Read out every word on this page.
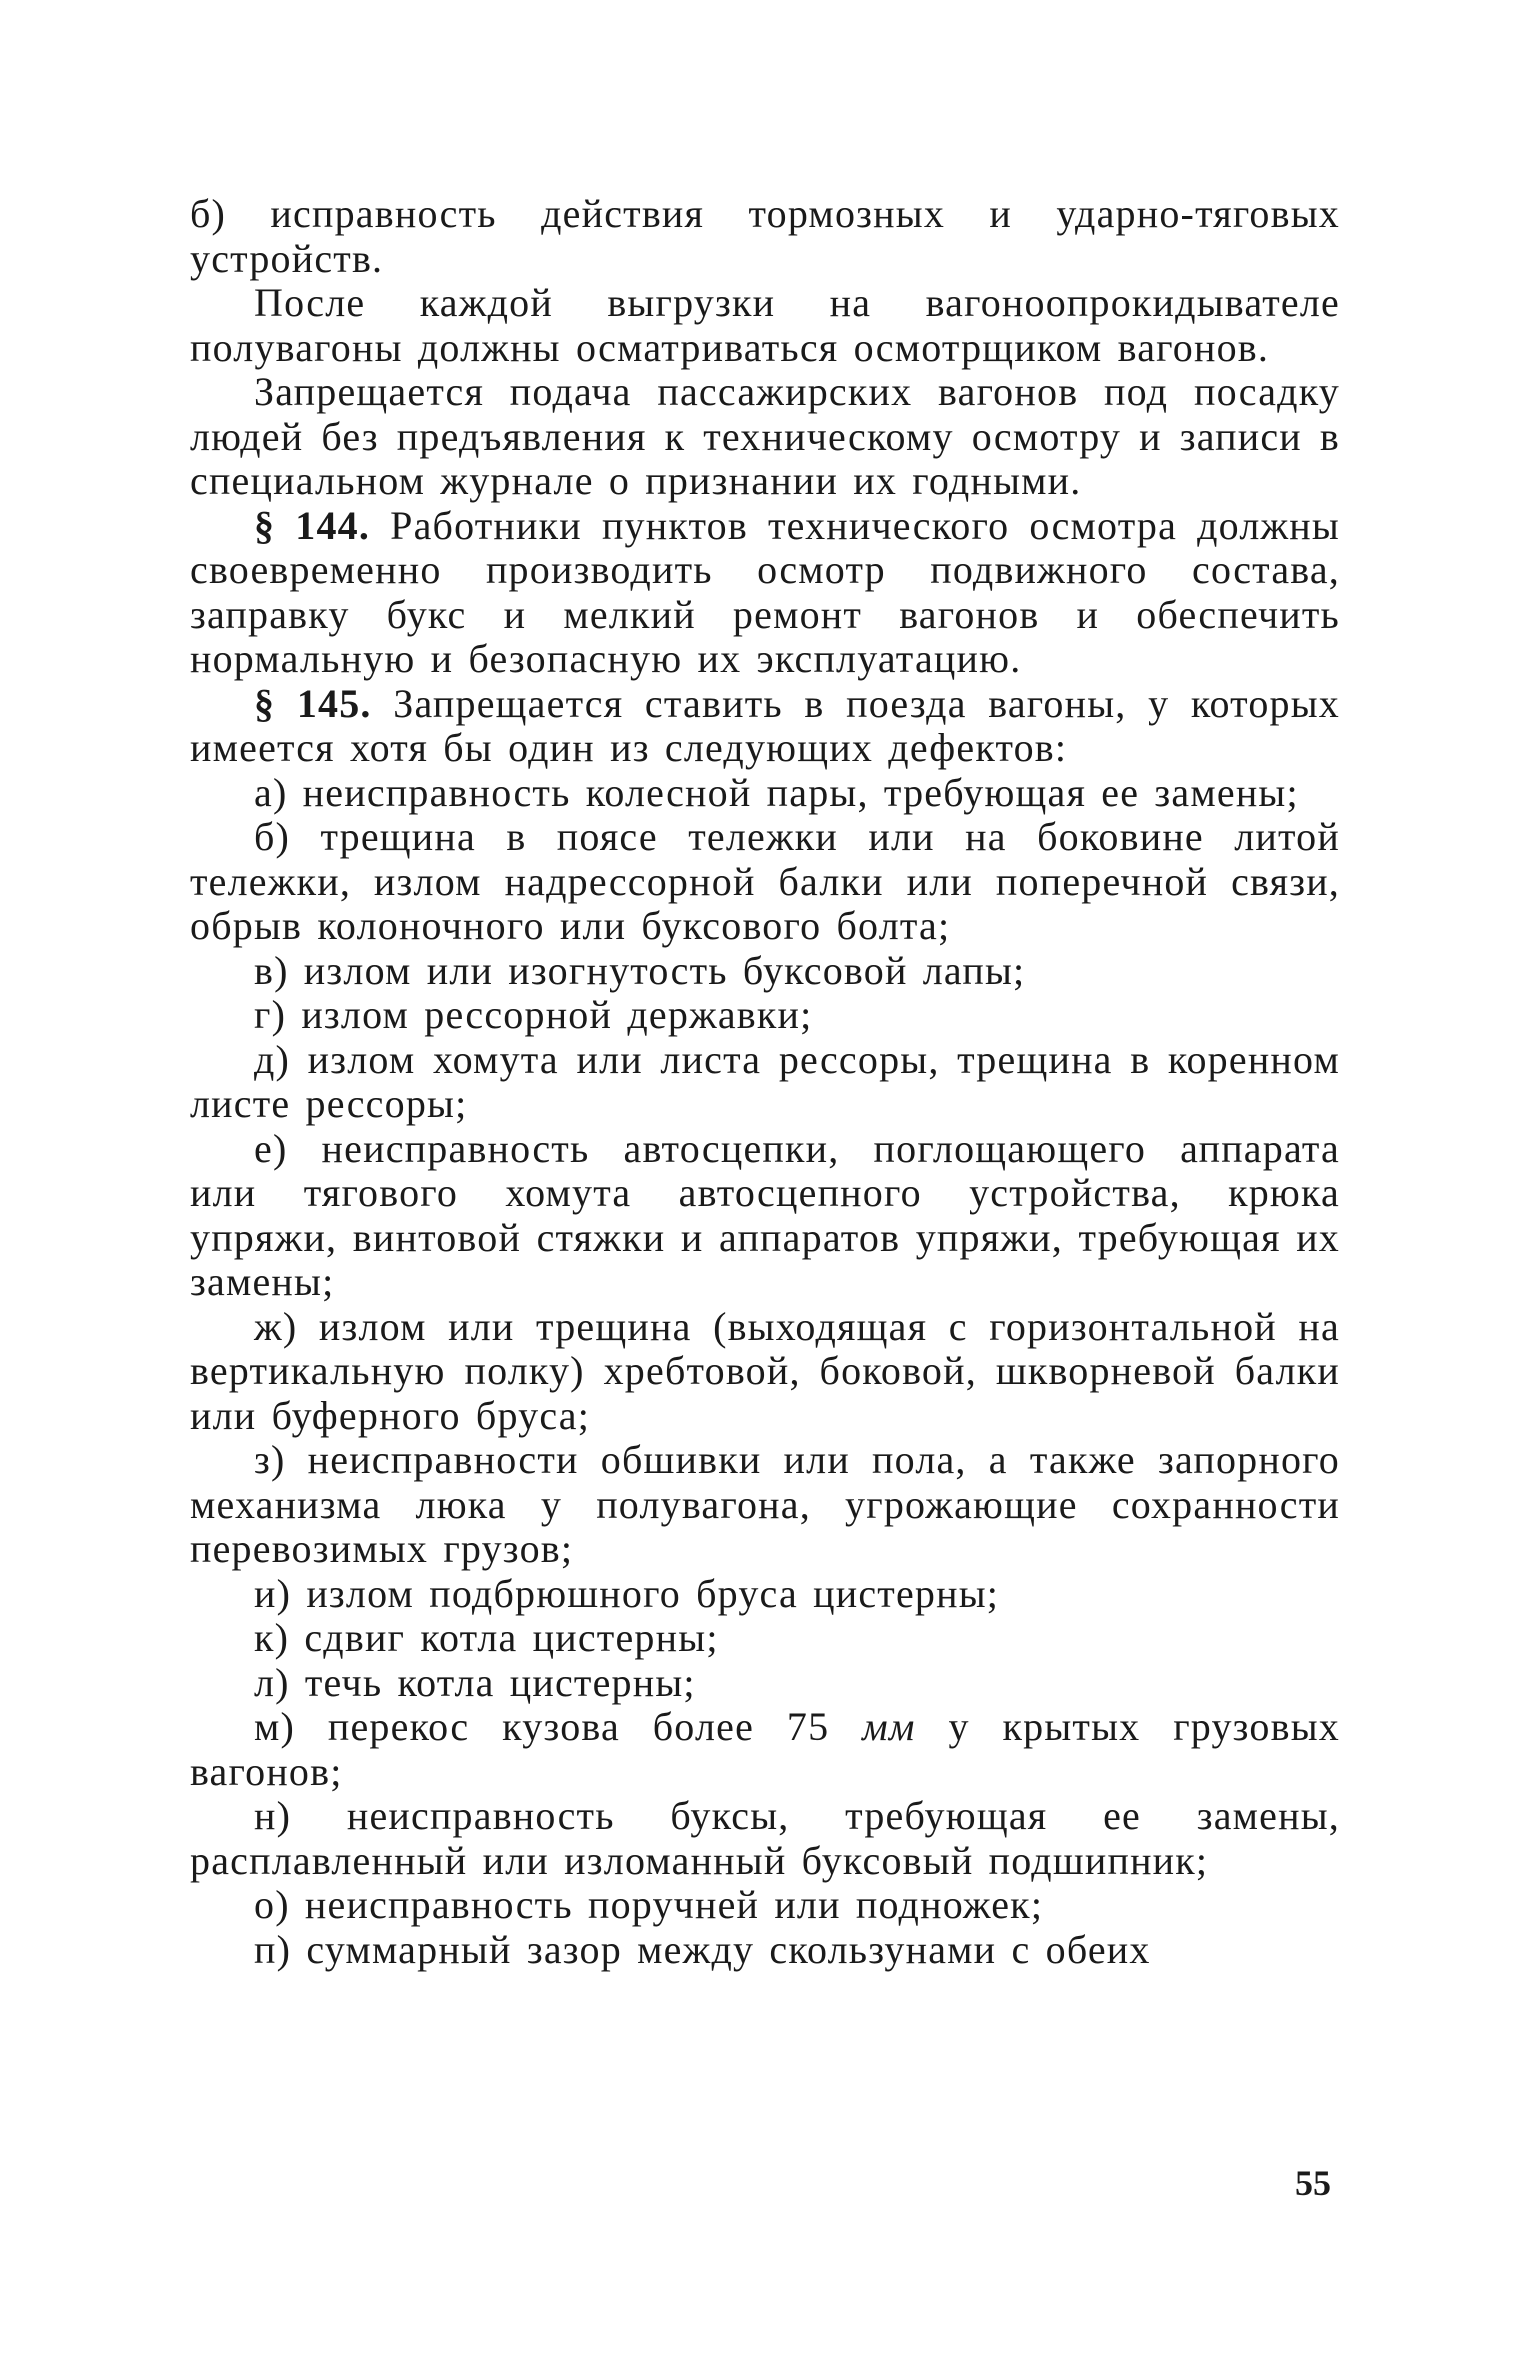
б) исправность действия тормозных и ударно-тяговых устройств.

После каждой выгрузки на вагоноопрокидывателе полувагоны должны осматриваться осмотрщиком вагонов.

Запрещается подача пассажирских вагонов под посадку людей без предъявления к техническому осмотру и записи в специальном журнале о признании их годными.

§ 144. Работники пунктов технического осмотра должны своевременно производить осмотр подвижного состава, заправку букс и мелкий ремонт вагонов и обеспечить нормальную и безопасную их эксплуатацию.

§ 145. Запрещается ставить в поезда вагоны, у которых имеется хотя бы один из следующих дефектов:

а) неисправность колесной пары, требующая ее замены;

б) трещина в поясе тележки или на боковине литой тележки, излом надрессорной балки или поперечной связи, обрыв колоночного или буксового болта;

в) излом или изогнутость буксовой лапы;

г) излом рессорной державки;

д) излом хомута или листа рессоры, трещина в коренном листе рессоры;

е) неисправность автосцепки, поглощающего аппарата или тягового хомута автосцепного устройства, крюка упряжи, винтовой стяжки и аппаратов упряжи, требующая их замены;

ж) излом или трещина (выходящая с горизонтальной на вертикальную полку) хребтовой, боковой, шкворневой балки или буферного бруса;

з) неисправности обшивки или пола, а также запорного механизма люка у полувагона, угрожающие сохранности перевозимых грузов;

и) излом подбрюшного бруса цистерны;

к) сдвиг котла цистерны;

л) течь котла цистерны;

м) перекос кузова более 75 мм у крытых грузовых вагонов;

н) неисправность буксы, требующая ее замены, расплавленный или изломанный буксовый подшипник;

о) неисправность поручней или подножек;

п) суммарный зазор между скользунами с обеих

55
